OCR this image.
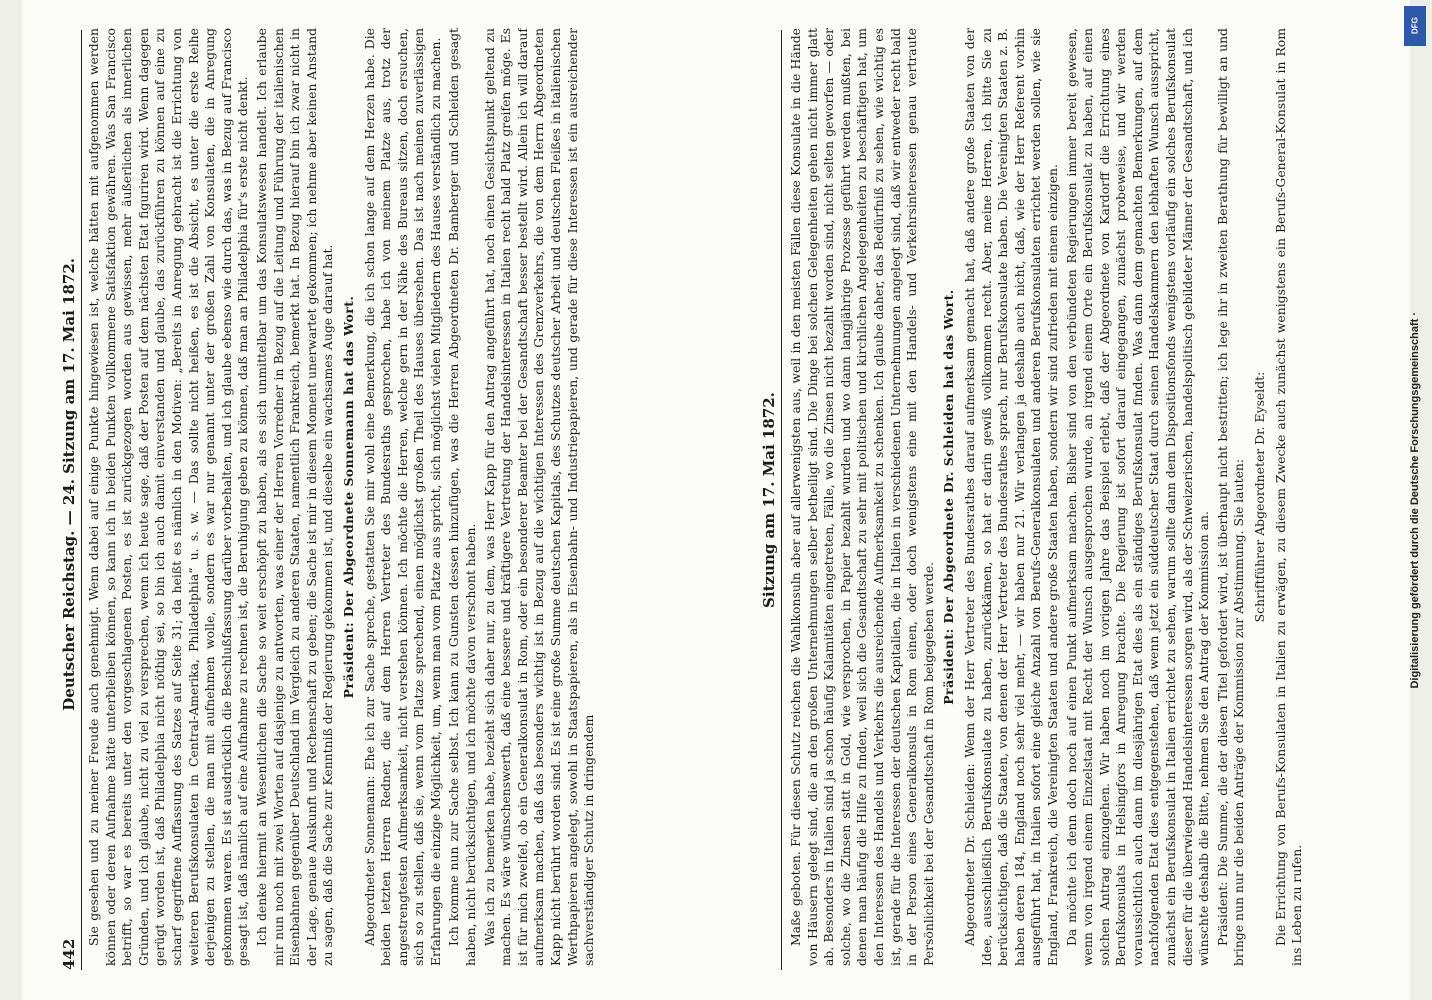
442
Deutscher Reichstag. — 24. Sitzung am 17. Mai 1872. Sie gesehen und zu meiner Freude auch genehmigt. Wenn dabei auf einige Punkte hingewiesen ist, welche hätten mit aufgenommen werden können oder deren Aufnahme hätte unterbleiben können, so kann ich in beiden Punkten vollkommene Satisfaktion gewähren. Was San Francisco betrifft, so war es bereits unter den vorgeschlagenen Posten, es ist zurückgezogen worden aus gewissen, mehr äußerlichen als innerlichen Gründen, und ich glaube, nicht zu viel zu versprechen, wenn ich heute sage, daß der Posten auf dem nächsten Etat figuriren wird. Wenn dagegen gerügt worden ist, daß Philadelphia nicht nöthig sei, so bin ich auch damit einverstanden und glaube, das zurückführen zu können auf eine zu scharf gegriffene Auffassung des Satzes auf Seite 31; da heißt es nämlich in den Motiven: „Bereits in Anregung gebracht ist die Errichtung von weiteren Berufskonsulaten in Central-Amerika, Philadelphia“ u. s. w. — Das sollte nicht heißen, es ist die Absicht, es unter die erste Reihe derjenigen zu stellen, die man mit aufnehmen wolle, sondern es war nur genannt unter der großen Zahl von Konsulaten, die in Anregung gekommen waren. Es ist ausdrücklich die Beschlußfassung darüber vorbehalten, und ich glaube ebenso wie durch das, was in Bezug auf Francisco gesagt ist, daß nämlich auf eine Aufnahme zu rechnen ist, die Beruhigung geben zu können, daß man an Philadelphia für's erste nicht denkt. Ich denke hiermit an Wesentlichen die Sache so weit erschöpft zu haben, als es sich unmittelbar um das Konsulatswesen handelt. Ich erlaube mir nun noch mit zwei Worten auf dasjenige zu antworten, was einer der Herren Vorredner in Bezug auf die Leitung und Führung der italienischen Eisenbahnen gegenüber Deutschland im Vergleich zu anderen Staaten, namentlich Frankreich, bemerkt hat. In Bezug hierauf bin ich zwar nicht in der Lage, genaue Auskunft und Rechenschaft zu geben; die Sache ist mir in diesem Moment unerwartet gekommen; ich nehme aber keinen Anstand zu sagen, daß die Sache zur Kenntniß der Regierung gekommen ist, und dieselbe ein wachsames Auge darauf hat. Präsident: Der Abgeordnete Sonnemann hat das Wort. Abgeordneter Sonnemann: Ehe ich zur Sache spreche, gestatten Sie mir wohl eine Bemerkung, die ich schon lange auf dem Herzen habe. Die beiden letzten Herren Redner, die auf dem Herren Vertreter des Bundesraths gesprochen, habe ich von meinem Platze aus, trotz der angestrengtesten Aufmerksamkeit, nicht verstehen können. Ich möchte die Herren, welche gern in der Nähe des Bureaus sitzen, doch ersuchen, sich so zu stellen, daß sie, wenn vom Platze sprechend, einen möglichst großen Theil des Hauses übersehen. Das ist nach meinen zuverlässigen Erfahrungen die einzige Möglichkeit, um, wenn man vom Platze aus spricht, sich möglichst vielen Mitgliedern des Hauses verständlich zu machen. Ich komme nun zur Sache selbst. Ich kann zu Gunsten dessen hinzufügen, was die Herren Abgeordneten Dr. Bamberger und Schleiden gesagt haben, nicht berücksichtigen, und ich möchte davon verschont haben. Was ich zu bemerken habe, bezieht sich daher nur, zu dem, was Herr Kapp für den Antrag angeführt hat, noch einen Gesichtspunkt geltend zu machen. Es wäre wünschenswerth, daß eine bessere und kräftigere Vertretung der Handelsinteressen in Italien recht bald Platz greifen möge. Es ist für mich zweifel, ob ein Generalkonsulat in Rom, oder ein besonderer Beamter bei der Gesandtschaft besser bestellt wird. Allein ich will darauf aufmerksam machen, daß das besonders wichtig ist in Bezug auf die wichtigen Interessen des Grenzverkehrs, die von dem Herrn Abgeordneten Kapp nicht berührt worden sind. Es ist eine große Summe deutschen Kapitals, des Schutzes deutscher Arbeit und deutschen Fleißes in italienischen Werthpapieren angelegt, sowohl in Staatspapieren, als in Eisenbahn- und Industriepapieren, und gerade für diese Interessen ist ein ausreichender sachverständiger Schutz in dringendem

Sitzung am 17. Mai 1872. Maße geboten. Für diesen Schutz reichen die Wahlkonsuln aber auf allerwenigsten aus, weil in den meisten Fällen diese Konsulate in die Hände von Häusern gelegt sind, die an den großen Unternehmungen selber betheiligt sind. Die Dinge bei solchen Gelegenheiten gehen nicht immer glatt ab. Besonders in Italien sind ja schon häufig Kalamitäten eingetreten, Fälle, wo die Zinsen nicht bezahlt worden sind, nicht selten geworfen — oder solche, wo die Zinsen statt in Gold, wie versprochen, in Papier bezahlt wurden und wo dann langjährige Prozesse geführt werden mußten, bei denen man häufig die Hilfe zu finden, weil sich die Gesandtschaft zu sehr mit politischen und kirchlichen Angelegenheiten zu beschäftigen hat, um den Interessen des Handels und Verkehrs die ausreichende Aufmerksamkeit zu schenken. Ich glaube daher, das Bedürfniß zu sehen, wie wichtig es ist, gerade für die Interessen der deutschen Kapitalien, die in Italien in verschiedenen Unternehmungen angelegt sind, daß wir entweder recht bald in der Person eines Generalkonsuls in Rom einen, oder doch wenigstens eine mit den Handels- und Verkehrsinteressen genau vertraute Persönlichkeit bei der Gesandtschaft in Rom beigegeben werde.

Präsident: Der Abgeordnete Dr. Schleiden hat das Wort. Abgeordneter Dr. Schleiden: Wenn der Herr Vertreter des Bundesrathes darauf aufmerksam gemacht hat, daß andere große Staaten von der Idee, ausschließlich Berufskonsulate zu haben, zurückkämen, so hat er darin gewiß vollkommen recht. Aber, meine Herren, ich bitte Sie zu berücksichtigen, daß die Staaten, von denen der Herr Vertreter des Bundesrathes sprach, nur Berufskonsulate haben. Die Vereinigten Staaten z. B. haben deren 184, England noch sehr viel mehr, — wir haben nur 21. Wir verlangen ja deshalb auch nicht, daß, wie der Herr Referent vorhin ausgeführt hat, in Italien sofort eine gleiche Anzahl von Berufs-Generalkonsulaten und anderen Berufskonsulaten errichtet werden sollen, wie sie England, Frankreich, die Vereinigten Staaten und andere große Staaten haben, sondern wir sind zufrieden mit einem einzigen. Da möchte ich denn doch noch auf einen Punkt aufmerksam machen. Bisher sind von den verbündeten Regierungen immer bereit gewesen, wenn von irgend einem Einzelstaat mit Recht der Wunsch ausgesprochen wurde, an irgend einem Orte ein Berufskonsulat zu haben, auf einen solchen Antrag einzugehen. Wir haben noch im vorigen Jahre das Beispiel erlebt, daß der Abgeordnete von Kardorff die Errichtung eines Berufskonsulats in Helsingfors in Anregung brachte. Die Regierung ist sofort darauf eingegangen, zunächst probeweise, und wir werden voraussichtlich auch dann im diesjährigen Etat dies als ein ständiges Berufskonsulat finden. Was dann dem gemachten Bemerkungen, auf dem nachfolgenden Etat dies entgegenstehen, daß wenn jetzt ein süddeutscher Staat durch seinen Handelskammern den lebhaften Wunsch ausspricht, zunächst ein Berufskonsulat in Italien errichtet zu sehen, warum sollte dann dem Dispositionsfonds wenigstens vorläufig ein solches Berufskonsulat dieser für die überwiegend Handelsinteressen sorgen wird, als der Schweizerischen, handelspolitisch gebildeter Männer der Gesandtschaft, und ich wünschte deshalb die Bitte, nehmen Sie den Antrag der Kommission an. Präsident: Die Summe, die der diesen Titel gefordert wird, ist überhaupt nicht bestritten; ich lege ihr in zweiten Berathung für bewilligt an und bringe nun nur die beiden Anträge der Kommission zur Abstimmung. Sie lauten: Schriftführer Abgeordneter Dr. Eyseldt: Die Errichtung von Berufs-Konsulaten in Italien zu erwägen, zu diesem Zwecke auch zunächst wenigstens ein Berufs-General-Konsulat in Rom ins Leben zu rufen.

Digitalisierung gefördert durch die Deutsche Forschungsgemeinschaft ·
DFG
